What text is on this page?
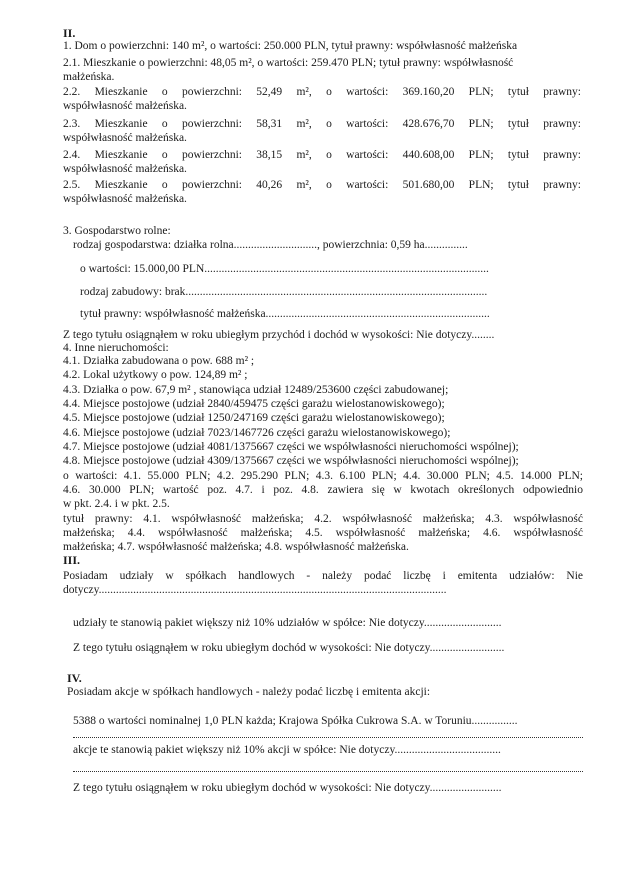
II.
1. Dom o powierzchni: 140 m², o wartości: 250.000 PLN, tytuł prawny: współwłasność małżeńska
2.1. Mieszkanie o powierzchni: 48,05 m², o wartości: 259.470 PLN; tytuł prawny: współwłasność
małżeńska.
2.2. Mieszkanie o powierzchni: 52,49 m², o wartości: 369.160,20 PLN; tytuł prawny:
współwłasność małżeńska.
2.3. Mieszkanie o powierzchni: 58,31 m², o wartości: 428.676,70 PLN; tytuł prawny:
współwłasność małżeńska.
2.4. Mieszkanie o powierzchni: 38,15 m², o wartości: 440.608,00 PLN; tytuł prawny:
współwłasność małżeńska.
2.5. Mieszkanie o powierzchni: 40,26 m², o wartości: 501.680,00 PLN; tytuł prawny:
współwłasność małżeńska.
3. Gospodarstwo rolne:
rodzaj gospodarstwa: działka rolna............................., powierzchnia: 0,59 ha...............
o wartości: 15.000,00 PLN...................................................................................................
rodzaj zabudowy: brak.........................................................................................................
tytuł prawny: współwłasność małżeńska..............................................................................
Z tego tytułu osiągnąłem w roku ubiegłym przychód i dochód w wysokości: Nie dotyczy........
4. Inne nieruchomości:
4.1. Działka zabudowana o pow. 688 m² ;
4.2. Lokal użytkowy o pow. 124,89 m² ;
4.3. Działka o pow. 67,9 m² , stanowiąca udział 12489/253600 części zabudowanej;
4.4. Miejsce postojowe (udział 2840/459475 części garażu wielostanowiskowego);
4.5. Miejsce postojowe (udział 1250/247169 części garażu wielostanowiskowego);
4.6. Miejsce postojowe (udział 7023/1467726 części garażu wielostanowiskowego);
4.7. Miejsce postojowe (udział 4081/1375667 części we współwłasności nieruchomości wspólnej);
4.8. Miejsce postojowe (udział 4309/1375667 części we współwłasności nieruchomości wspólnej);
o wartości: 4.1. 55.000 PLN; 4.2. 295.290 PLN; 4.3. 6.100 PLN; 4.4. 30.000 PLN; 4.5. 14.000 PLN;
4.6. 30.000 PLN; wartość poz. 4.7. i poz. 4.8. zawiera się w kwotach określonych odpowiednio
w pkt. 2.4. i w pkt. 2.5.
tytuł prawny: 4.1. współwłasność małżeńska; 4.2. współwłasność małżeńska; 4.3. współwłasność
małżeńska; 4.4. współwłasność małżeńska; 4.5. współwłasność małżeńska; 4.6. współwłasność
małżeńska; 4.7. współwłasność małżeńska; 4.8. współwłasność małżeńska.
III.
Posiadam udziały w spółkach handlowych - należy podać liczbę i emitenta udziałów: Nie
dotyczy.........................................................................................................................
udziały te stanowią pakiet większy niż 10% udziałów w spółce: Nie dotyczy...........................
Z tego tytułu osiągnąłem w roku ubiegłym dochód w wysokości: Nie dotyczy..........................
IV.
Posiadam akcje w spółkach handlowych - należy podać liczbę i emitenta akcji:
5388 o wartości nominalnej 1,0 PLN każda; Krajowa Spółka Cukrowa S.A. w Toruniu................
akcje te stanowią pakiet większy niż 10% akcji w spółce: Nie dotyczy.....................................
Z tego tytułu osiągnąłem w roku ubiegłym dochód w wysokości: Nie dotyczy.........................
